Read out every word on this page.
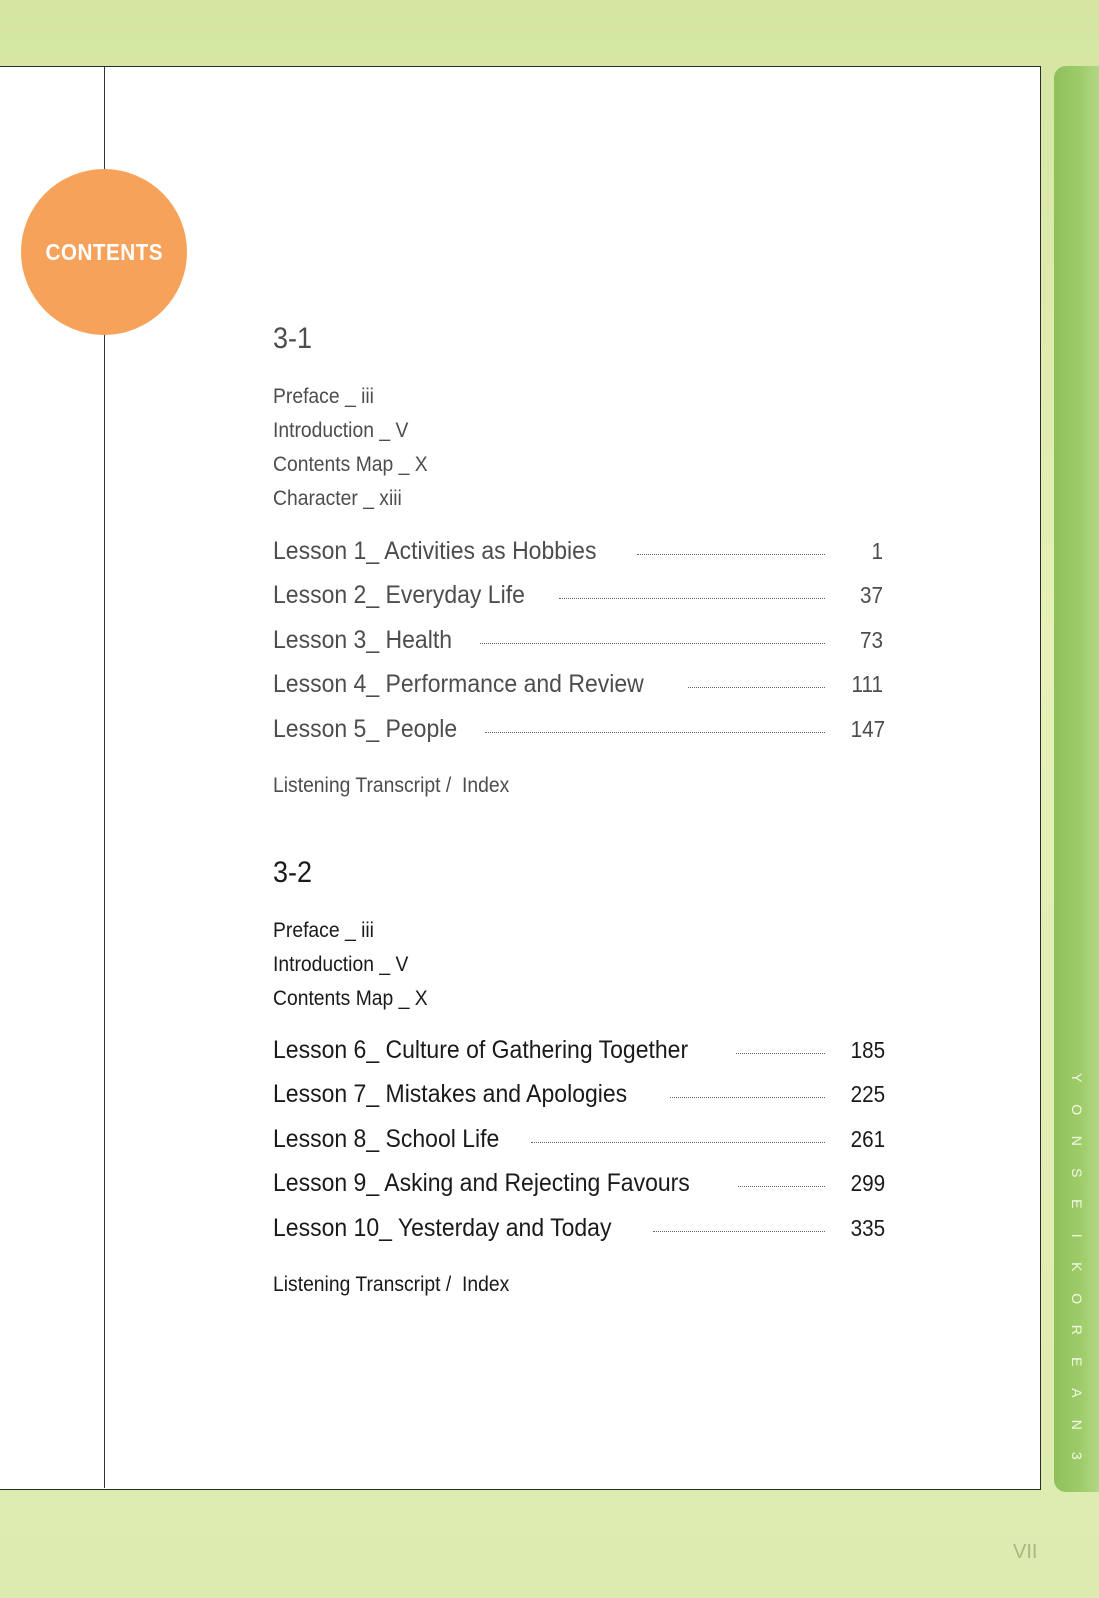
Y
O
N
S
E
I
K
O
R
E
A
N
3
CONTENTS
3-1
Preface _ iii
Introduction _ V
Contents Map _ X
Character _ xiii
Lesson 1_ Activities as Hobbies	1
Lesson 2_ Everyday Life	37
Lesson 3_ Health	73
Lesson 4_ Performance and Review	111
Lesson 5_ People	147
Listening Transcript /  Index
3-2
Preface _ iii
Introduction _ V
Contents Map _ X
Lesson 6_ Culture of Gathering Together	185
Lesson 7_ Mistakes and Apologies	225
Lesson 8_ School Life	261
Lesson 9_ Asking and Rejecting Favours	299
Lesson 10_ Yesterday and Today	335
Listening Transcript /  Index
VII
